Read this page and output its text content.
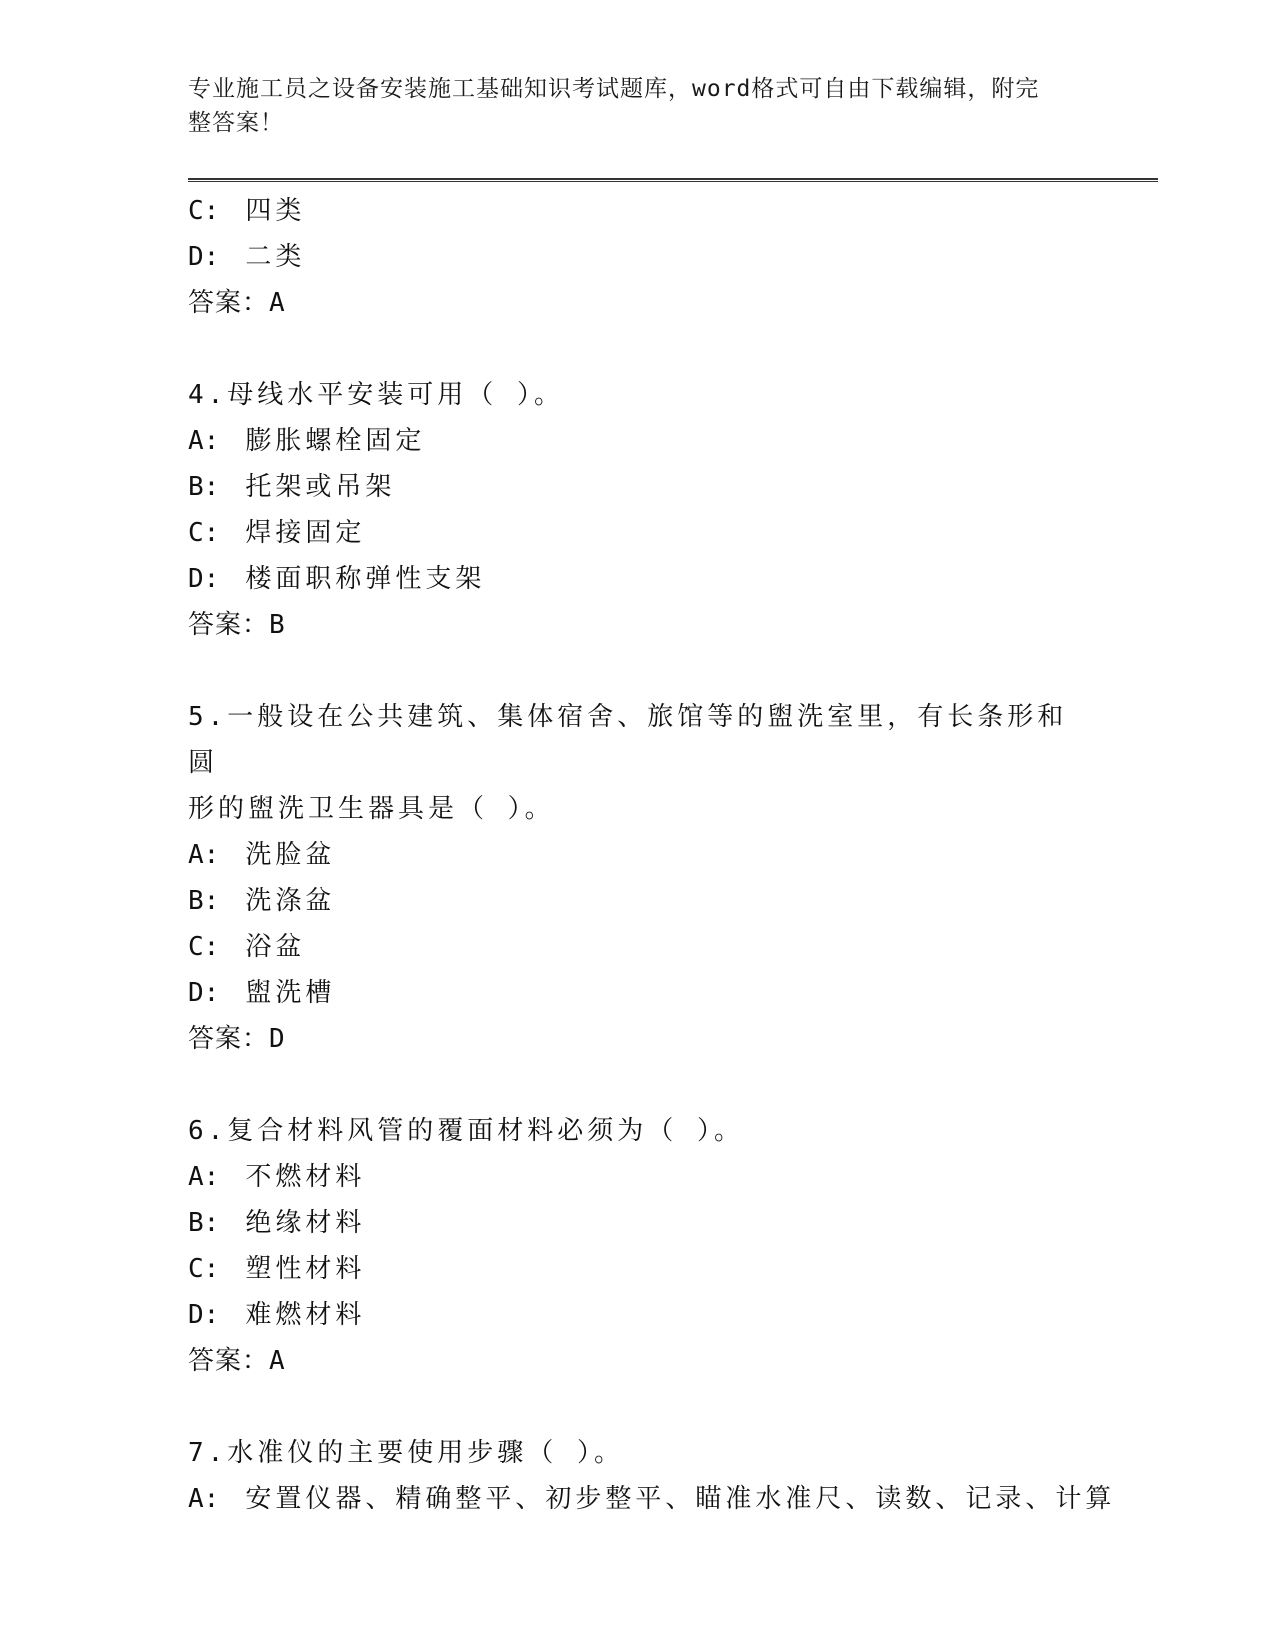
专业施工员之设备安装施工基础知识考试题库，word格式可自由下载编辑，附完
整答案！
C: 四类
D: 二类
答案：A
4.母线水平安装可用（ ）。
A: 膨胀螺栓固定
B: 托架或吊架
C: 焊接固定
D: 楼面职称弹性支架
答案：B
5.一般设在公共建筑、集体宿舍、旅馆等的盥洗室里，有长条形和圆
形的盥洗卫生器具是（ ）。
A: 洗脸盆
B: 洗涤盆
C: 浴盆
D: 盥洗槽
答案：D
6.复合材料风管的覆面材料必须为（ ）。
A: 不燃材料
B: 绝缘材料
C: 塑性材料
D: 难燃材料
答案：A
7.水准仪的主要使用步骤（ ）。
A: 安置仪器、精确整平、初步整平、瞄准水准尺、读数、记录、计算
